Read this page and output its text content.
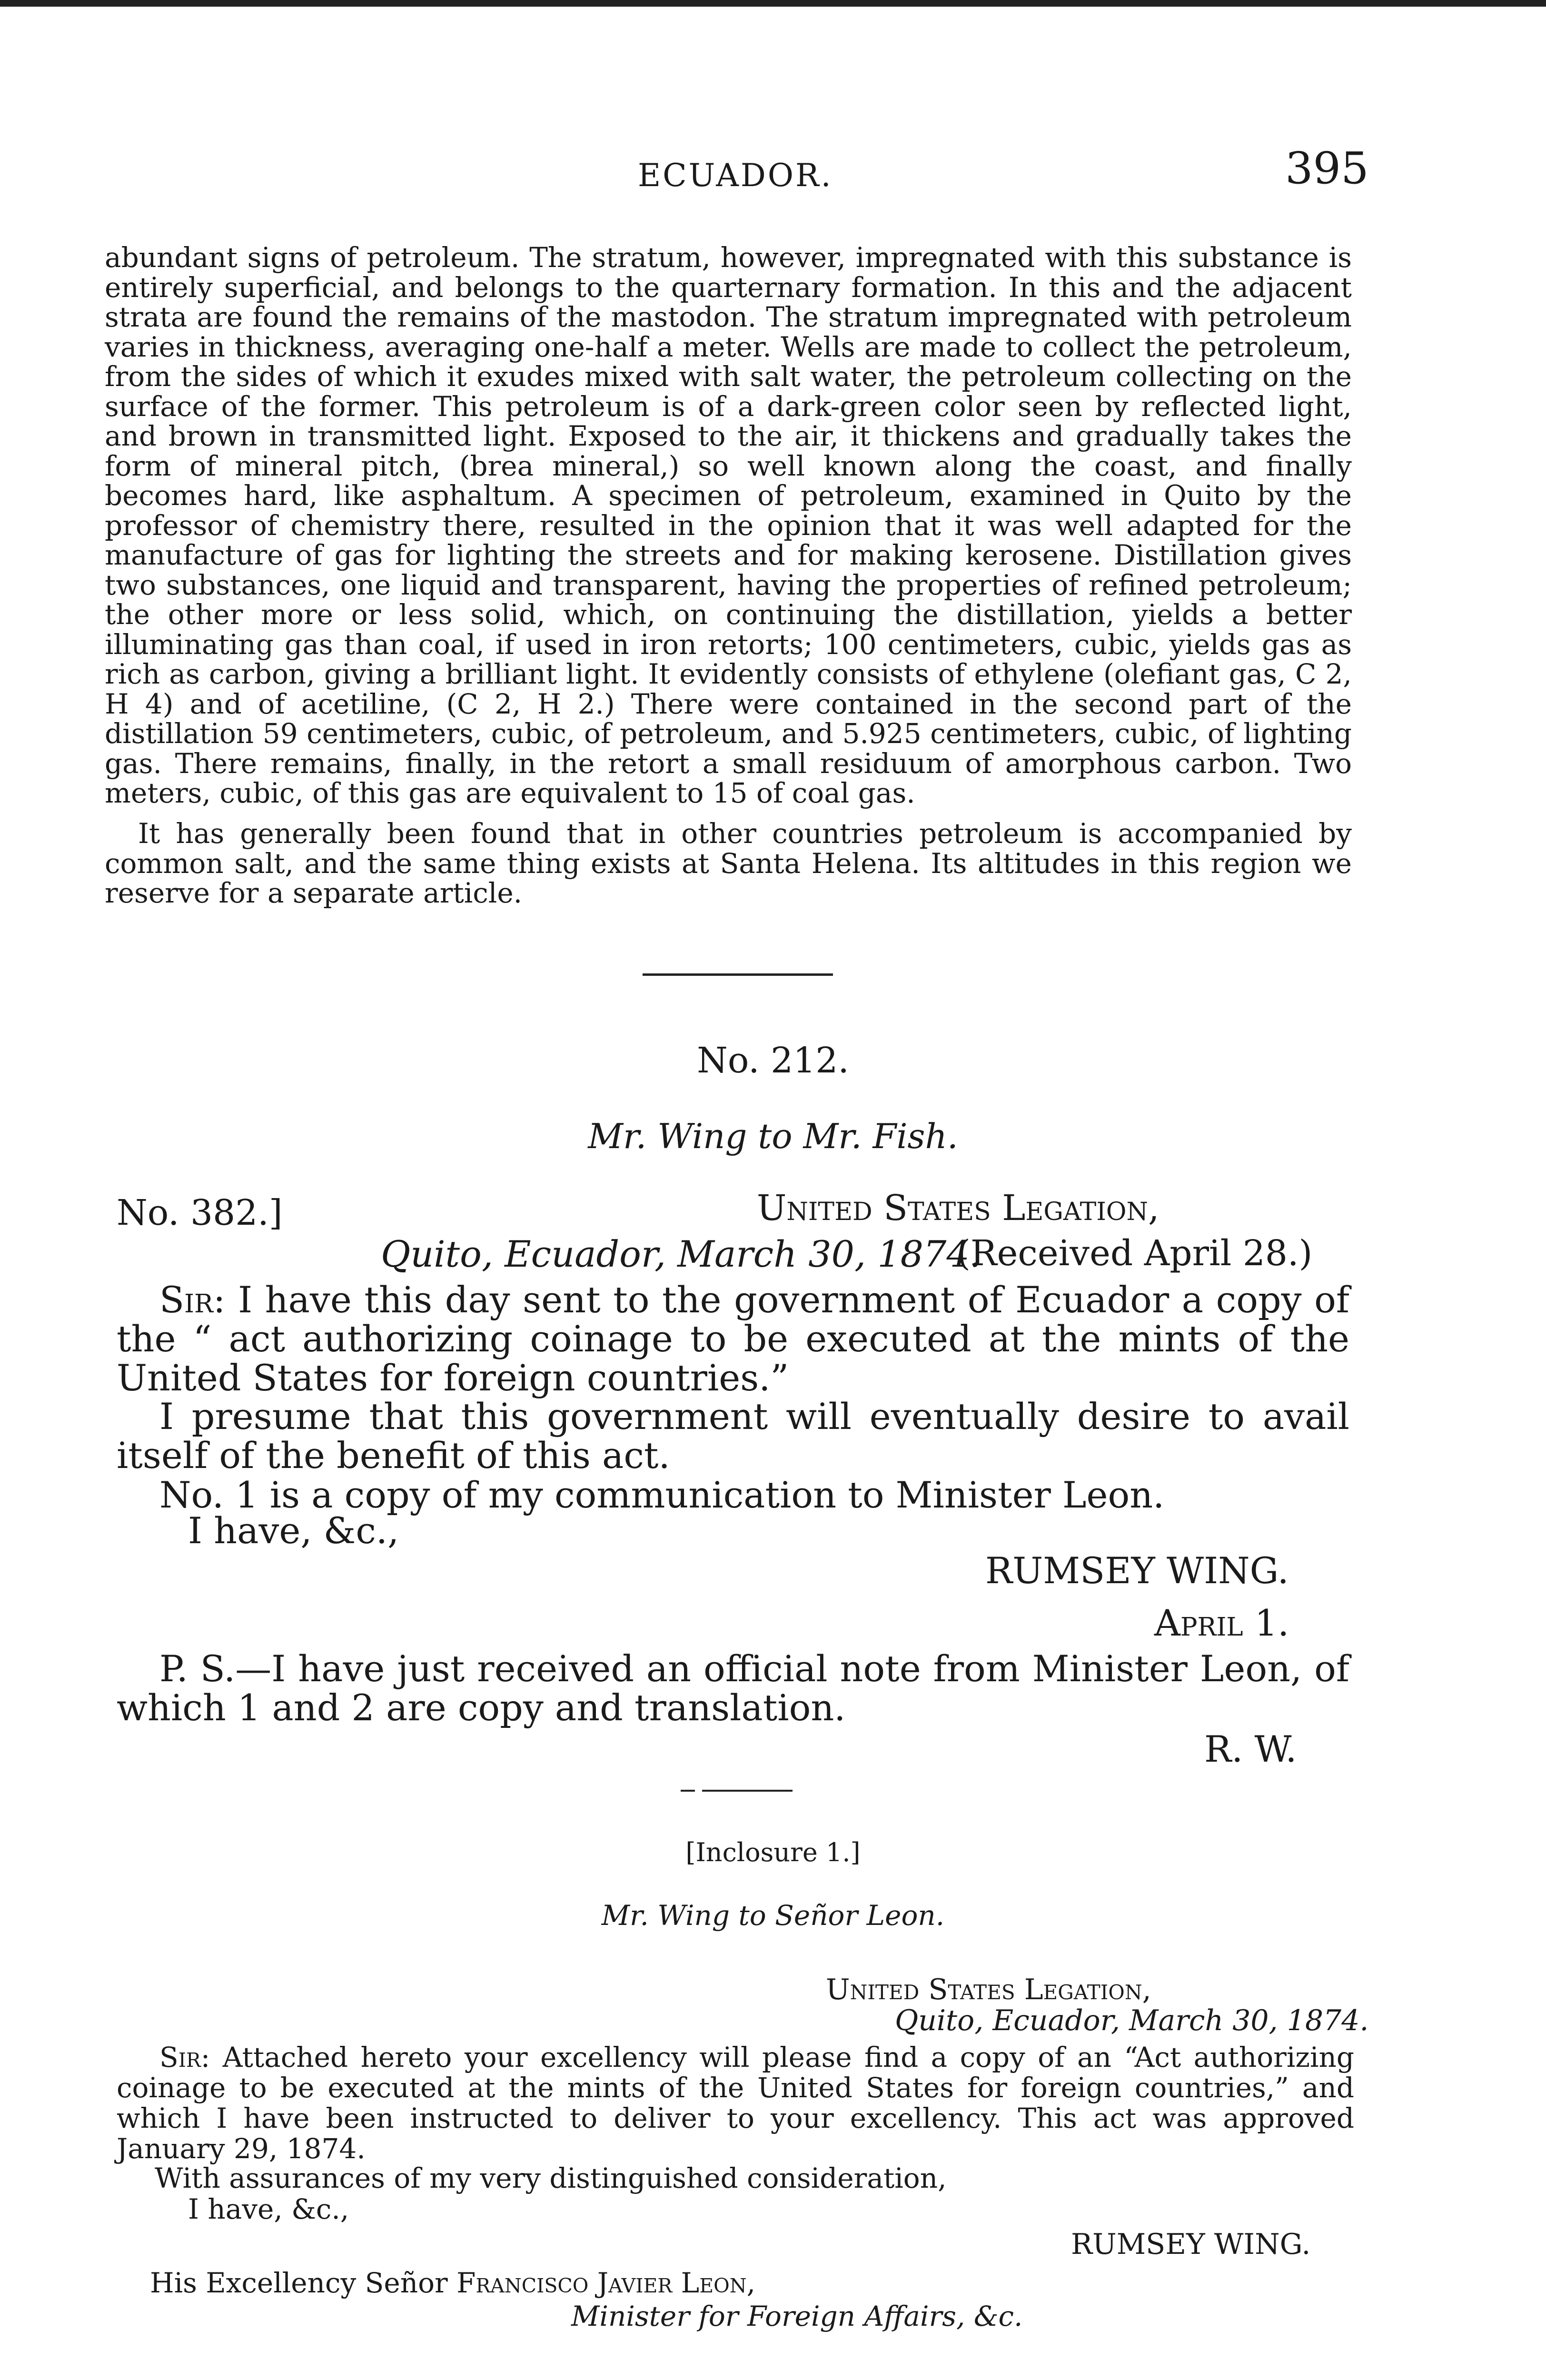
ECUADOR.	395
abundant signs of petroleum. The stratum, however, impregnated with this substance is entirely superficial, and belongs to the quarternary formation. In this and the adjacent strata are found the remains of the mastodon. The stratum impregnated with petroleum varies in thickness, averaging one-half a meter. Wells are made to collect the petroleum, from the sides of which it exudes mixed with salt water, the petroleum collecting on the surface of the former. This petroleum is of a dark-green color seen by reflected light, and brown in transmitted light. Exposed to the air, it thickens and gradually takes the form of mineral pitch, (brea mineral,) so well known along the coast, and finally becomes hard, like asphaltum. A specimen of petroleum, examined in Quito by the professor of chemistry there, resulted in the opinion that it was well adapted for the manufacture of gas for lighting the streets and for making kerosene. Distillation gives two substances, one liquid and transparent, having the properties of refined petroleum; the other more or less solid, which, on continuing the distillation, yields a better illuminating gas than coal, if used in iron retorts; 100 centimeters, cubic, yields gas as rich as carbon, giving a brilliant light. It evidently consists of ethylene (olefiant gas, C 2, H 4) and of acetiline, (C 2, H 2.) There were contained in the second part of the distillation 59 centimeters, cubic, of petroleum, and 5.925 centimeters, cubic, of lighting gas. There remains, finally, in the retort a small residuum of amorphous carbon. Two meters, cubic, of this gas are equivalent to 15 of coal gas.
It has generally been found that in other countries petroleum is accompanied by common salt, and the same thing exists at Santa Helena. Its altitudes in this region we reserve for a separate article.
No. 212.
Mr. Wing to Mr. Fish.
No. 382.]	United States Legation,
Quito, Ecuador, March 30, 1874.
(Received April 28.)
Sir: I have this day sent to the government of Ecuador a copy of the “ act authorizing coinage to be executed at the mints of the United States for foreign countries.”
I presume that this government will eventually desire to avail itself of the benefit of this act.
No. 1 is a copy of my communication to Minister Leon.
I have, &c.,
RUMSEY WING.
April 1.
P. S.—I have just received an official note from Minister Leon, of which 1 and 2 are copy and translation.
R. W.
[Inclosure 1.]
Mr. Wing to Señor Leon.
United States Legation,
Quito, Ecuador, March 30, 1874.
Sir: Attached hereto your excellency will please find a copy of an “Act authorizing coinage to be executed at the mints of the United States for foreign countries,” and which I have been instructed to deliver to your excellency. This act was approved January 29, 1874.
With assurances of my very distinguished consideration,
I have, &c.,
RUMSEY WING.
His Excellency Señor Francisco Javier Leon,
Minister for Foreign Affairs, &c.
